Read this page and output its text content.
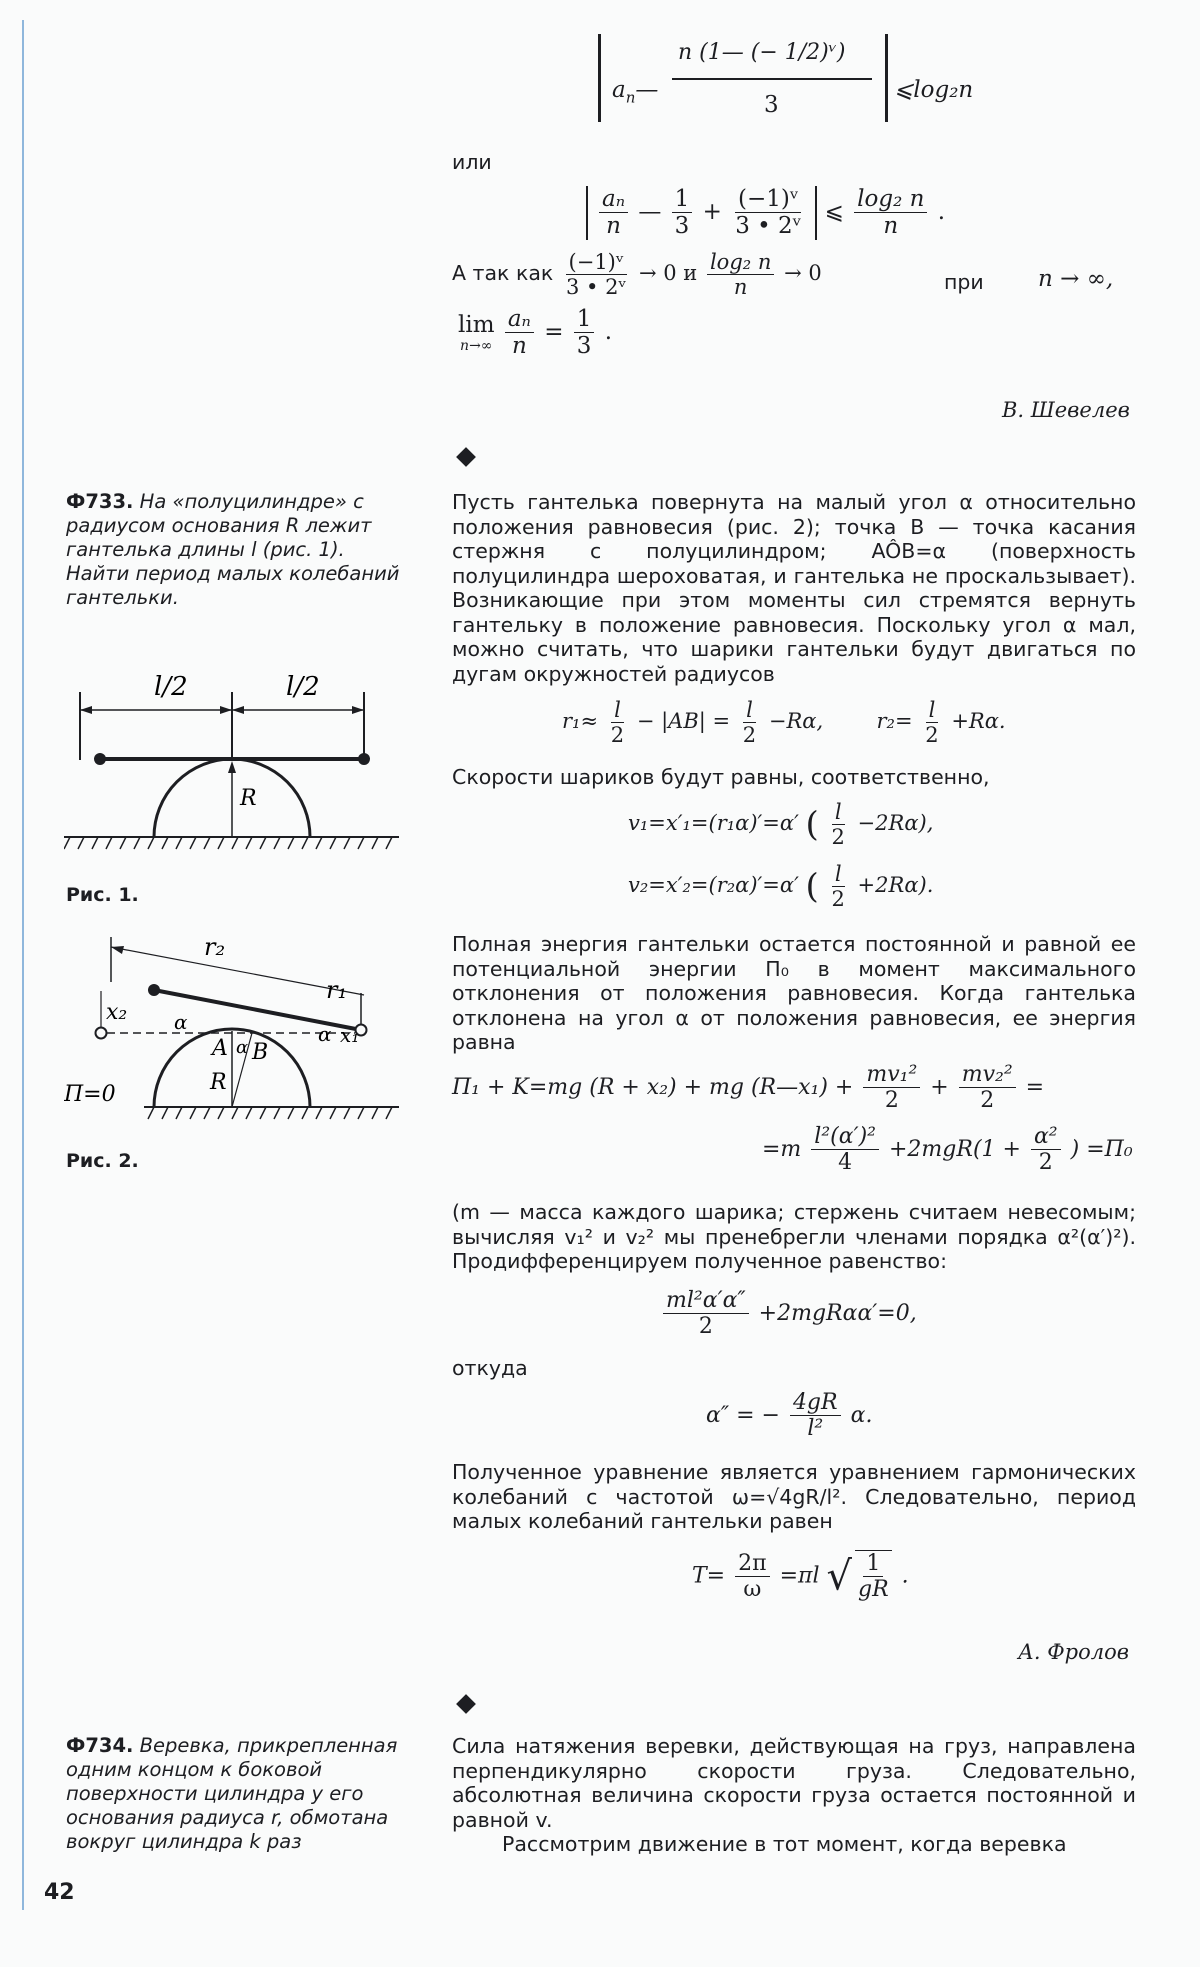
$a_n—$
n (1— (− 1/2)ᵛ)
3
⩽log₂n
или
$\frac{\text{aₙ}}{n}$ — $\frac{1}{3} + \frac{\text{(−1)ᵛ}}{\text{3 • 2ᵛ}}$ ⩽ $\frac{\text{log₂ n}}{n}$ .
А так как $\frac{\text{(−1)ᵛ}}{\text{3 • 2ᵛ}} \to 0$ и $\frac{\text{log₂ n}}{n} \to 0$	при n → ∞,
lim
n→∞
$\frac{\text{aₙ}}{n} = \frac{1}{3}$ .
В. Шевелев
Ф733. На «полуцилиндре» с радиусом основания R лежит гантелька длины l (рис. 1). Найти период малых колебаний гантельки.
Пусть гантелька повернута на малый угол α относительно положения равновесия (рис. 2); точка B — точка касания стержня с полуцилиндром; AÔB=α (поверхность полуцилиндра шероховатая, и гантелька не проскальзывает). Возникающие при этом моменты сил стремятся вернуть гантельку в положение равновесия. Поскольку угол α мал, можно считать, что шарики гантельки будут двигаться по дугам окружностей радиусов
l/2	l/2
R
Рис. 1.
r₂
r₁
x₂
x₁
α	α
α
A B
R
Π=0
Рис. 2.
$r_1\approx \frac{l}{2} - |AB| = \frac{l}{2} -R\alpha$,	$r_2= \frac{l}{2} +R\alpha$.
Скорости шариков будут равны, соответственно,
v₁=x′₁=(r₁α)′=α′ ( $\frac{l}{2} -2R\alpha$),
v₂=x′₂=(r₂α)′=α′ ( $\frac{l}{2} +2R\alpha$).
Полная энергия гантельки остается постоянной и равной ее потенциальной энергии Π₀ в момент максимального отклонения от положения равновесия. Когда гантелька отклонена на угол α от положения равновесия, ее энергия равна
Π₁ + K=mg (R + x₂) + mg (R—x₁) + $\frac{\text{mv₁²}}{2} + \frac{\text{mv₂²}}{2}$ =
$=m \frac{\text{l²(α′)²}}{4} +2mgR(1 + \frac{\text{α²}}{2}$ ) =Π₀
(m — масса каждого шарика; стержень считаем невесомым; вычисляя v₁² и v₂² мы пренебрегли членами порядка α²(α′)²). Продифференцируем полученное равенство:
$\frac{\text{ml²α′α″}}{2} +2mgR\alpha\alpha'=0$,
откуда
α″ = − $\frac{4gR}{\text{l²}} \alpha$.
Полученное уравнение является уравнением гармонических колебаний с частотой ω=√4gR/l². Следовательно, период малых колебаний гантельки равен
$T= \frac{2\pi}{\omega} =\pi l$ √ $\frac{1}{gR}$ .
А. Фролов
Ф734. Веревка, прикрепленная одним концом к боковой поверхности цилиндра у его основания радиуса r, обмотана вокруг цилиндра k раз
Сила натяжения веревки, действующая на груз, направлена перпендикулярно скорости груза. Следовательно, абсолютная величина скорости груза остается постоянной и равной v.
Рассмотрим движение в тот момент, когда веревка
42
